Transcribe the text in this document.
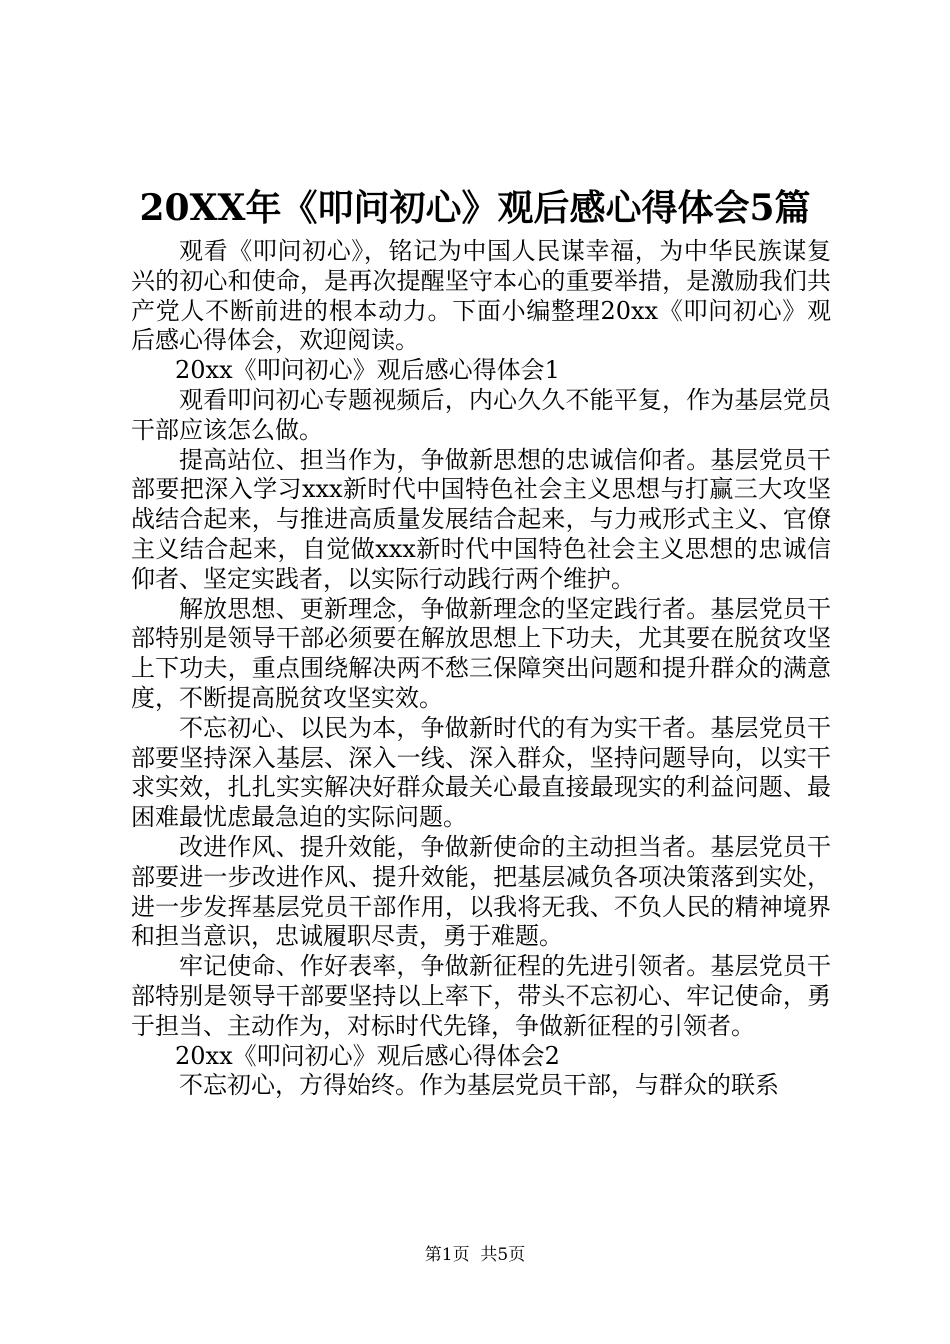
20XX年《叩问初心》观后感心得体会5篇

观看《叩问初心》，铭记为中国人民谋幸福，为中华民族谋复兴的初心和使命，是再次提醒坚守本心的重要举措，是激励我们共产党人不断前进的根本动力。下面小编整理20xx《叩问初心》观后感心得体会，欢迎阅读。

20xx《叩问初心》观后感心得体会1

观看叩问初心专题视频后，内心久久不能平复，作为基层党员干部应该怎么做。

提高站位、担当作为，争做新思想的忠诚信仰者。基层党员干部要把深入学习xxx新时代中国特色社会主义思想与打赢三大攻坚战结合起来，与推进高质量发展结合起来，与力戒形式主义、官僚主义结合起来，自觉做xxx新时代中国特色社会主义思想的忠诚信仰者、坚定实践者，以实际行动践行两个维护。

解放思想、更新理念，争做新理念的坚定践行者。基层党员干部特别是领导干部必须要在解放思想上下功夫，尤其要在脱贫攻坚上下功夫，重点围绕解决两不愁三保障突出问题和提升群众的满意度，不断提高脱贫攻坚实效。

不忘初心、以民为本，争做新时代的有为实干者。基层党员干部要坚持深入基层、深入一线、深入群众，坚持问题导向，以实干求实效，扎扎实实解决好群众最关心最直接最现实的利益问题、最困难最忧虑最急迫的实际问题。

改进作风、提升效能，争做新使命的主动担当者。基层党员干部要进一步改进作风、提升效能，把基层减负各项决策落到实处，进一步发挥基层党员干部作用，以我将无我、不负人民的精神境界和担当意识，忠诚履职尽责，勇于难题。

牢记使命、作好表率，争做新征程的先进引领者。基层党员干部特别是领导干部要坚持以上率下，带头不忘初心、牢记使命，勇于担当、主动作为，对标时代先锋，争做新征程的引领者。

20xx《叩问初心》观后感心得体会2

不忘初心，方得始终。作为基层党员干部，与群众的联系

第1页 共5页
